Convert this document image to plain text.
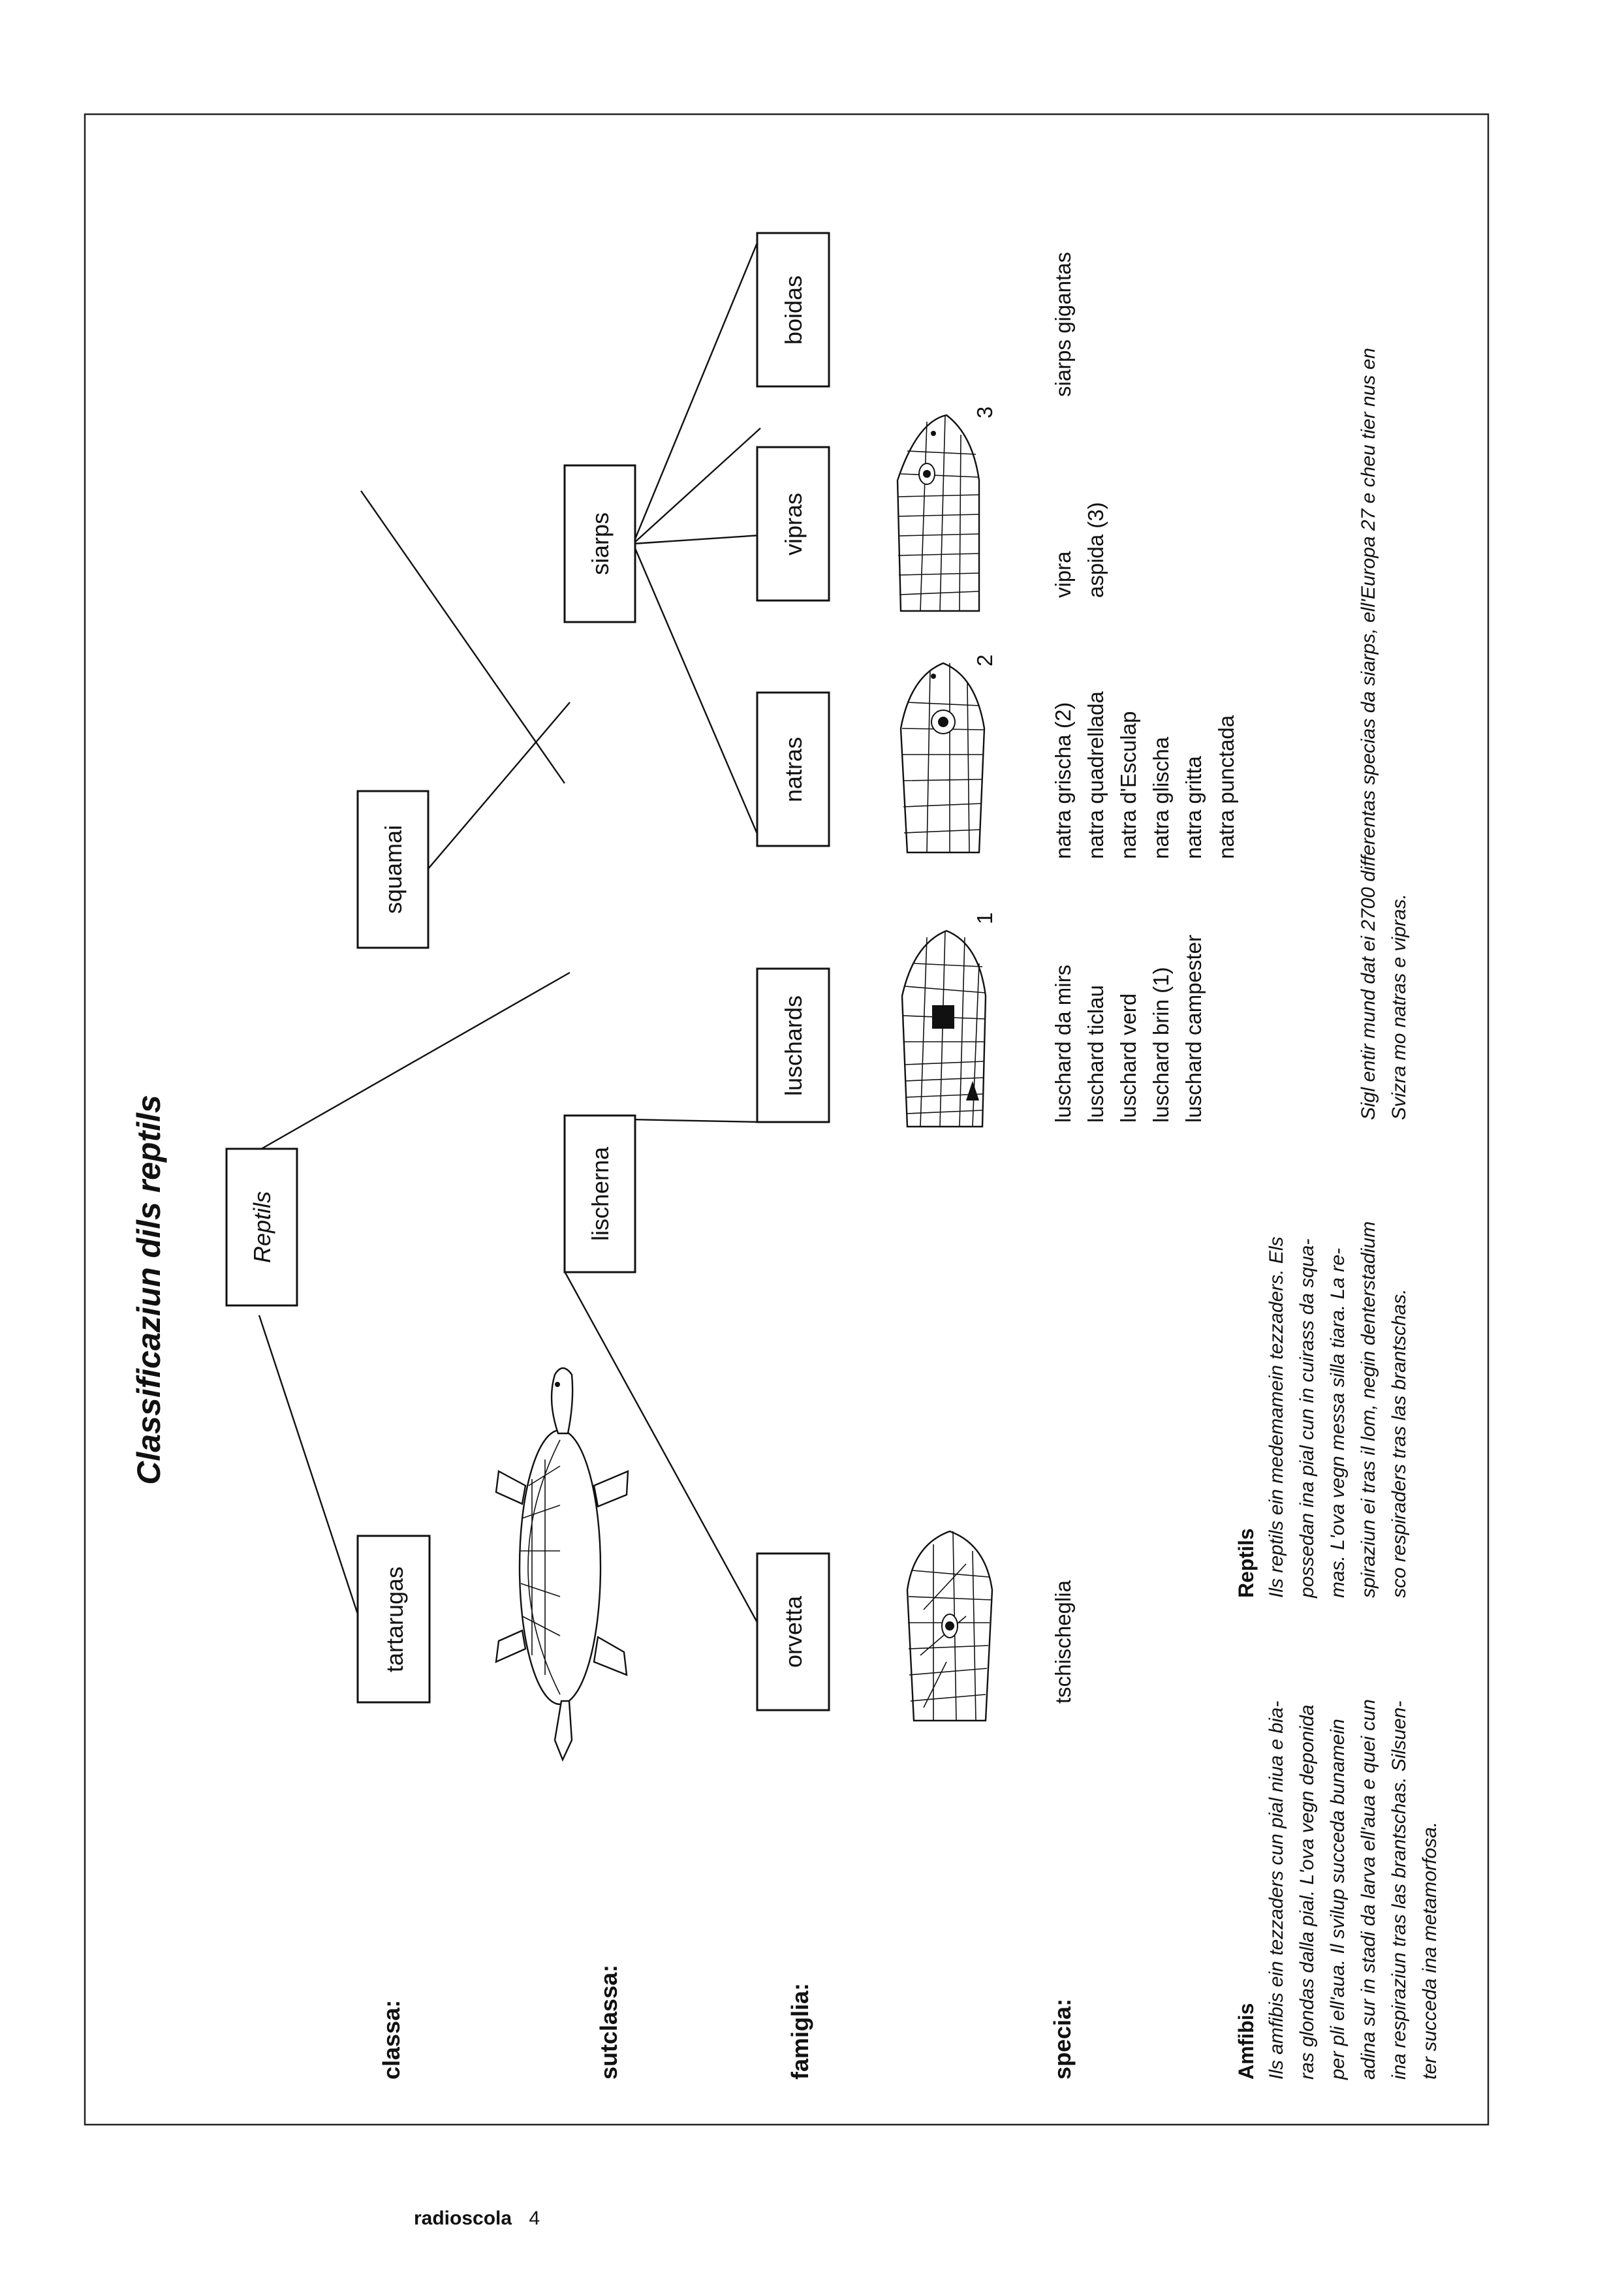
Classificaziun dils reptils
classa:	sutclassa:	famiglia:	specia:
Reptils
tartarugas
lischerna
squamai
siarps
orvetta
luschards
natras
vipras
boidas
1
2
3
tschischeglia
luschard da mirs luschard ticlau luschard verd luschard brin (1) luschard campester
natra grischa (2) natra quadrellada natra d'Esculap natra glischa natra gritta natra punctada
vipra aspida (3)
siarps gigantas
Amfibis Ils amfibis ein tezzaders cun pial niua e bia- ras glondas dalla pial. L'ova vegn deponida per pli ell'aua. Il svilup succeda bunamein adina sur in stadi da larva ell'aua e quei cun ina respiraziun tras las brantschas. Silsuen- ter succeda ina metamorfosa.
Reptils Ils reptils ein medemamein tezzaders. Els possedan ina pial cun in cuirass da squa- mas. L'ova vegn messa silla tiara. La re- spiraziun ei tras il lom, negin denterstadium sco respiraders tras las brantschas.
Sigl entir mund dat ei 2700 differentas specias da siarps, ell'Europa 27 e cheu tier nus en Svizra mo natras e vipras.
radioscola 4
